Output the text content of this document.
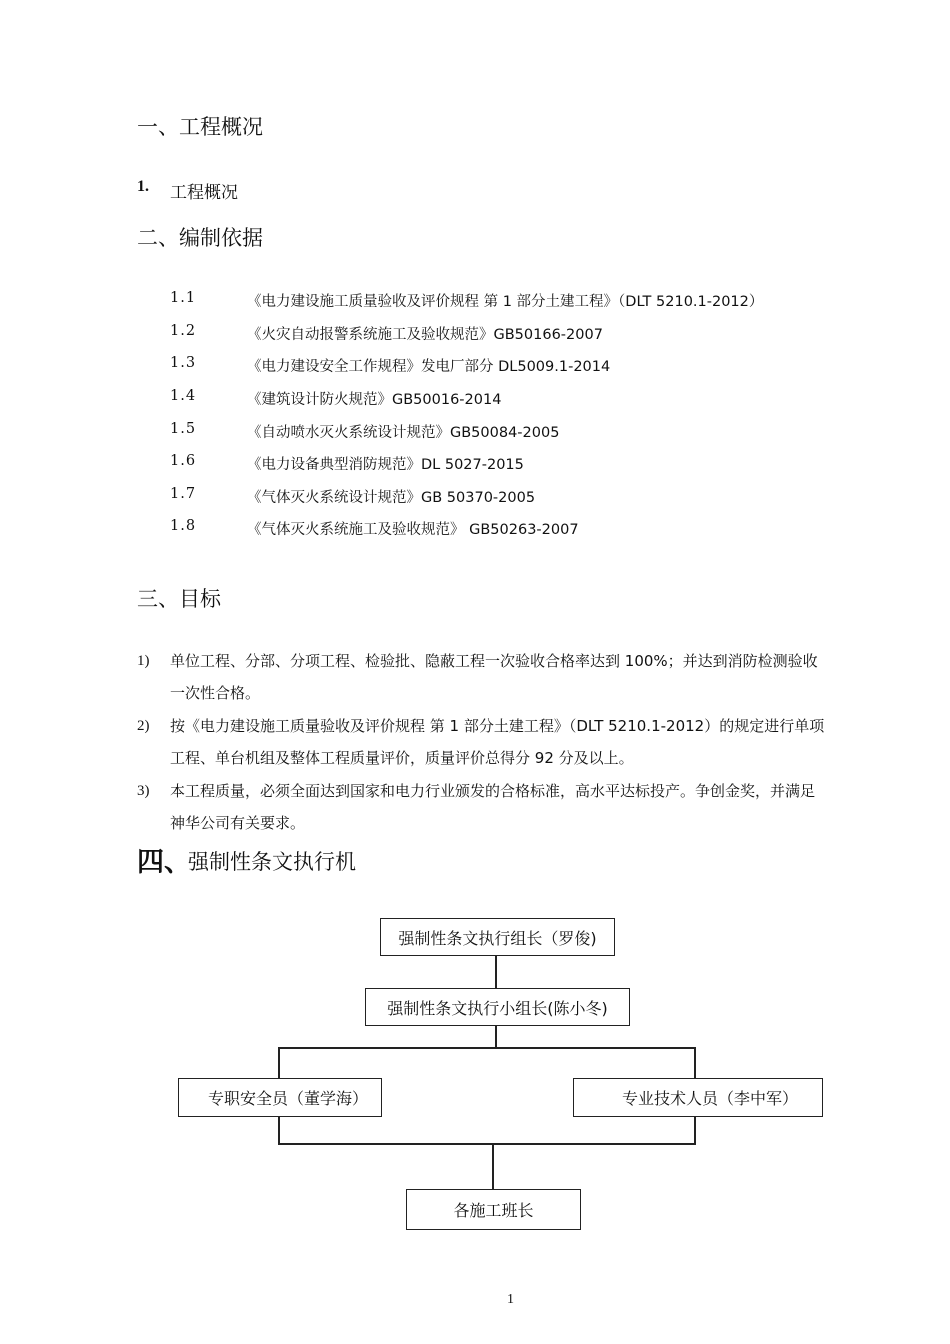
一、工程概况
1. 工程概况
二、编制依据
1.1	《电力建设施工质量验收及评价规程 第 1 部分土建工程》（DLT 5210.1-2012）
1.2	《火灾自动报警系统施工及验收规范》GB50166-2007
1.3	《电力建设安全工作规程》发电厂部分 DL5009.1-2014
1.4	《建筑设计防火规范》GB50016-2014
1.5	《自动喷水灭火系统设计规范》GB50084-2005
1.6	《电力设备典型消防规范》DL 5027-2015
1.7	《气体灭火系统设计规范》GB 50370-2005
1.8	《气体灭火系统施工及验收规范》 GB50263-2007
三、目标
1) 单位工程、分部、分项工程、检验批、隐蔽工程一次验收合格率达到 100%；并达到消防检测验收
一次性合格。
2) 按《电力建设施工质量验收及评价规程 第 1 部分土建工程》（DLT 5210.1-2012）的规定进行单项
工程、单台机组及整体工程质量评价，质量评价总得分 92 分及以上。
3) 本工程质量，必须全面达到国家和电力行业颁发的合格标准，高水平达标投产。争创金奖，并满足
神华公司有关要求。
四、
强制性条文执行机
强制性条文执行组长（罗俊)
强制性条文执行小组长(陈小冬)
专职安全员（董学海）	专业技术人员（李中军）
各施工班长
1
